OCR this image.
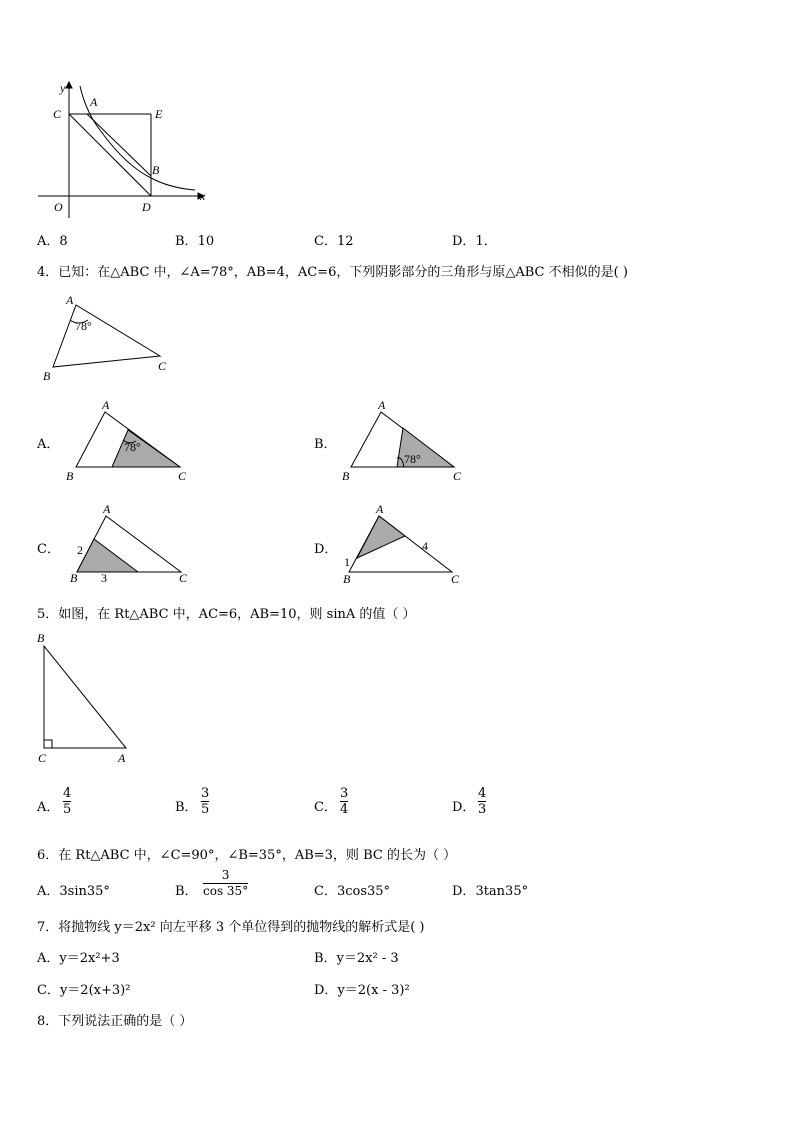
y
C
A
E
B
x
O	D
A．8	B．10	C．12	D．1．
4．已知：在△ABC 中，∠A=78°，AB=4，AC=6，下列阴影部分的三角形与原△ABC 不相似的是( )
A
78°
B
C
A
78°
B	C
A
78°
B	C
A
2
3
B	C
A
1
4
B	C
A．	B．
C．	D．
5．如图，在 Rt△ABC 中，AC=6，AB=10，则 sinA 的值（ ）
B
C	A
A．
4
5	B．
3
5	C．
3
4	D．
4
3
6．在 Rt△ABC 中，∠C=90°，∠B=35°，AB=3，则 BC 的长为（ ）
A．3sin35°	B．
3
cos 35°	C．3cos35°	D．3tan35°
7．将抛物线 y＝2x² 向左平移 3 个单位得到的抛物线的解析式是( )
A．y＝2x²+3	B．y＝2x² - 3
C．y＝2(x+3)²	D．y＝2(x - 3)²
8．下列说法正确的是（ ）
